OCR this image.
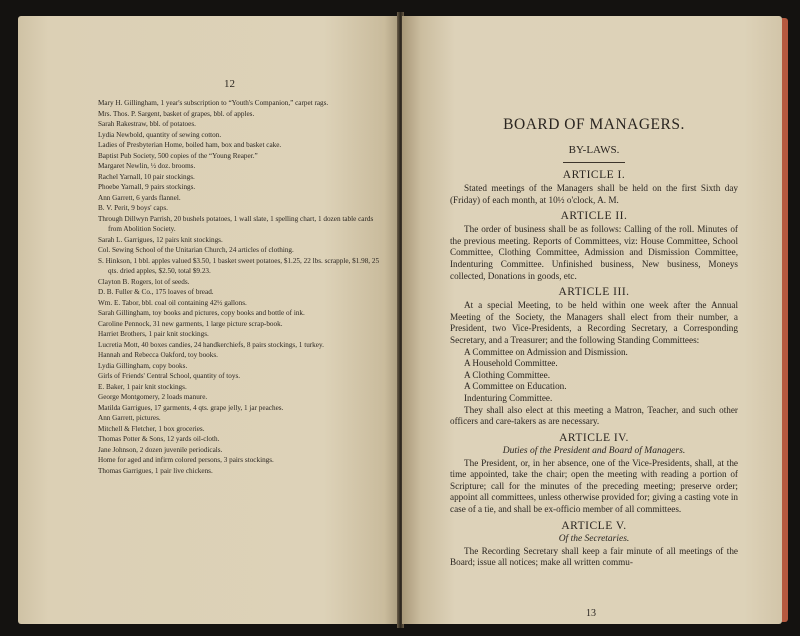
12
Mary H. Gillingham, 1 year's subscription to “Youth's Companion,” carpet rags.
Mrs. Thos. P. Sargent, basket of grapes, bbl. of apples.
Sarah Rakestraw, bbl. of potatoes.
Lydia Newbold, quantity of sewing cotton.
Ladies of Presbyterian Home, boiled ham, box and basket cake.
Baptist Pub Society, 500 copies of the “Young Reaper.”
Margaret Newlin, ½ doz. brooms.
Rachel Yarnall, 10 pair stockings.
Phoebe Yarnall, 9 pairs stockings.
Ann Garrett, 6 yards flannel.
B. V. Perit, 9 boys' caps.
Through Dillwyn Parrish, 20 bushels potatoes, 1 wall slate, 1 spelling chart, 1 dozen table cards from Abolition Society.
Sarah L. Garrigues, 12 pairs knit stockings.
Col. Sewing School of the Unitarian Church, 24 articles of clothing.
S. Hinkson, 1 bbl. apples valued $3.50, 1 basket sweet potatoes, $1.25, 22 lbs. scrapple, $1.98, 25 qts. dried apples, $2.50, total $9.23.
Clayton B. Rogers, lot of seeds.
D. B. Fuller & Co., 175 loaves of bread.
Wm. E. Tabor, bbl. coal oil containing 42½ gallons.
Sarah Gillingham, toy books and pictures, copy books and bottle of ink.
Caroline Pennock, 31 new garments, 1 large picture scrap-book.
Harriet Brothers, 1 pair knit stockings.
Lucretia Mott, 40 boxes candies, 24 handkerchiefs, 8 pairs stockings, 1 turkey.
Hannah and Rebecca Oakford, toy books.
Lydia Gillingham, copy books.
Girls of Friends' Central School, quantity of toys.
E. Baker, 1 pair knit stockings.
George Montgomery, 2 loads manure.
Matilda Garrigues, 17 garments, 4 qts. grape jelly, 1 jar peaches.
Ann Garrett, pictures.
Mitchell & Fletcher, 1 box groceries.
Thomas Potter & Sons, 12 yards oil-cloth.
Jane Johnson, 2 dozen juvenile periodicals.
Home for aged and infirm colored persons, 3 pairs stockings.
Thomas Garrigues, 1 pair live chickens.
BOARD OF MANAGERS.
BY-LAWS.
ARTICLE I.

Stated meetings of the Managers shall be held on the first Sixth day (Friday) of each month, at 10½ o'clock, A. M.

ARTICLE II.

The order of business shall be as follows: Calling of the roll. Minutes of the previous meeting. Reports of Committees, viz: House Committee, School Committee, Clothing Committee, Admission and Dismission Committee, Indenturing Committee. Unfinished business, New business, Moneys collected, Donations in goods, etc.

ARTICLE III.

At a special Meeting, to be held within one week after the Annual Meeting of the Society, the Managers shall elect from their number, a President, two Vice-Presidents, a Recording Secretary, a Corresponding Secretary, and a Treasurer; and the following Standing Committees:

A Committee on Admission and Dismission.
A Household Committee.
A Clothing Committee.
A Committee on Education.
Indenturing Committee.

They shall also elect at this meeting a Matron, Teacher, and such other officers and care-takers as are necessary.

ARTICLE IV.
Duties of the President and Board of Managers.

The President, or, in her absence, one of the Vice-Presidents, shall, at the time appointed, take the chair; open the meeting with reading a portion of Scripture; call for the minutes of the preceding meeting; preserve order; appoint all committees, unless otherwise provided for; giving a casting vote in case of a tie, and shall be ex-officio member of all committees.

ARTICLE V.
Of the Secretaries.

The Recording Secretary shall keep a fair minute of all meetings of the Board; issue all notices; make all written commu-

13
